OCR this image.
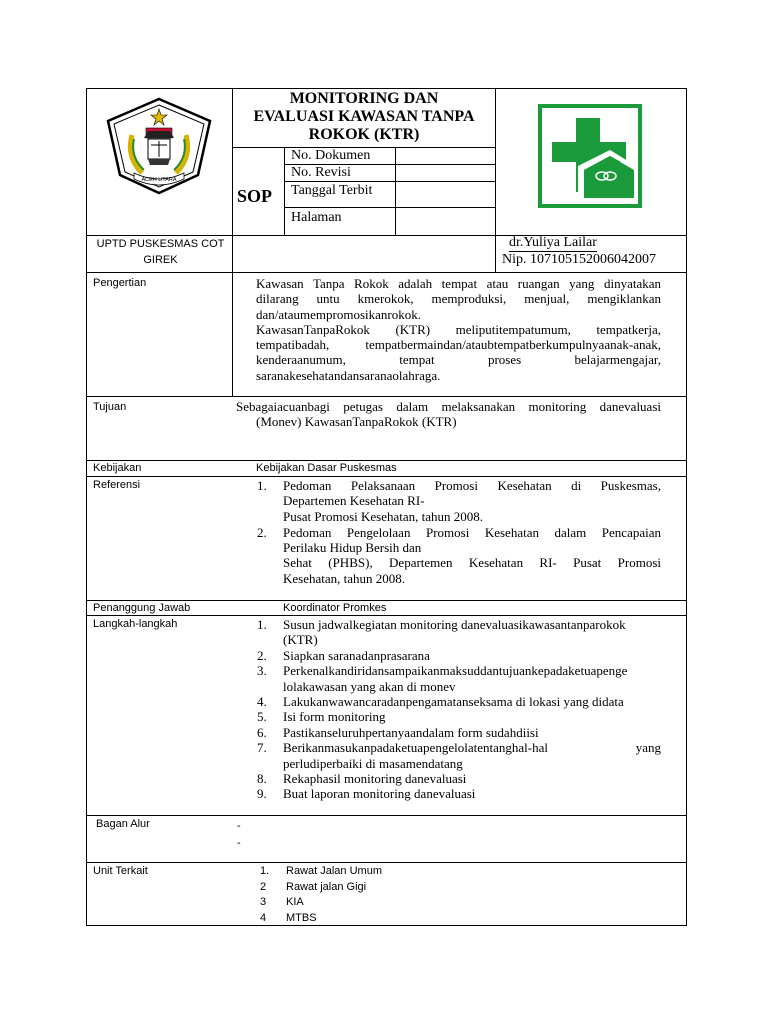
ACEH UTARA
MONITORING DAN
EVALUASI KAWASAN TANPA
ROKOK (KTR)
SOP
No. Dokumen
No. Revisi
Tanggal Terbit
Halaman
UPTD PUSKESMAS COT
GIREK
dr.Yuliya Lailar
Nip. 107105152006042007
Pengertian	Kawasan Tanpa Rokok adalah tempat atau ruangan yang dinyatakan
dilarang untu kmerokok, memproduksi, menjual, mengiklankan
dan/ataumempromosikanrokok.
KawasanTanpaRokok (KTR) meliputitempatumum, tempatkerja,
tempatibadah, tempatbermaindan/ataubtempatberkumpulnyaanak-anak,
kenderaanumum, tempat proses belajarmengajar,
saranakesehatandansaranaolahraga.
Tujuan	Sebagaiacuanbagi petugas dalam melaksanakan monitoring danevaluasi
(Monev) KawasanTanpaRokok (KTR)
Kebijakan	Kebijakan Dasar Puskesmas
Referensi	1. Pedoman Pelaksanaan Promosi Kesehatan di Puskesmas,
Departemen Kesehatan RI-
Pusat Promosi Kesehatan, tahun 2008.
2. Pedoman Pengelolaan Promosi Kesehatan dalam Pencapaian
Perilaku Hidup Bersih dan
Sehat (PHBS), Departemen Kesehatan RI- Pusat Promosi
Kesehatan, tahun 2008.
Penanggung Jawab	Koordinator Promkes
Langkah-langkah	1. Susun jadwalkegiatan monitoring danevaluasikawasantanparokok
(KTR)
2. Siapkan saranadanprasarana
3. Perkenalkandiridansampaikanmaksuddantujuankepadaketuapenge
lolakawasan yang akan di monev
4. Lakukanwawancaradanpengamatanseksama di lokasi yang didata
5. Isi form monitoring
6. Pastikanseluruhpertanyaandalam form sudahdiisi
7. Berikanmasukanpadaketuapengelolatentanghal-hal yang
perludiperbaiki di masamendatang
8. Rekaphasil monitoring danevaluasi
9. Buat laporan monitoring danevaluasi
Bagan Alur	-
-
Unit Terkait	1. Rawat Jalan Umum
2 Rawat jalan Gigi
3 KIA
4 MTBS
